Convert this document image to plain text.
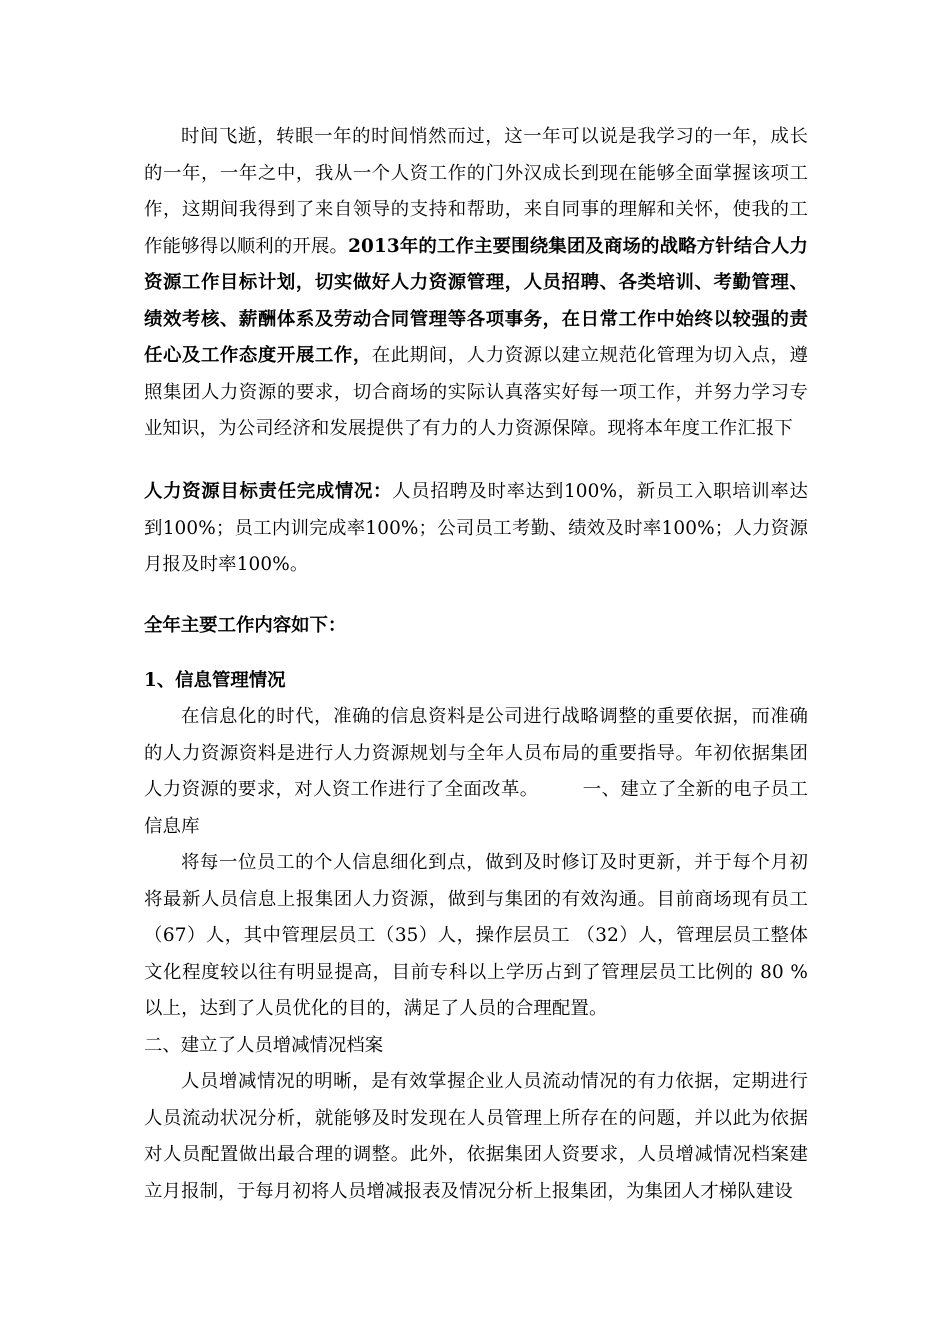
时间飞逝，转眼一年的时间悄然而过，这一年可以说是我学习的一年，成长的一年，一年之中，我从一个人资工作的门外汉成长到现在能够全面掌握该项工作，这期间我得到了来自领导的支持和帮助，来自同事的理解和关怀，使我的工作能够得以顺利的开展。2013年的工作主要围绕集团及商场的战略方针结合人力资源工作目标计划，切实做好人力资源管理，人员招聘、各类培训、考勤管理、绩效考核、薪酬体系及劳动合同管理等各项事务，在日常工作中始终以较强的责任心及工作态度开展工作，在此期间，人力资源以建立规范化管理为切入点，遵照集团人力资源的要求，切合商场的实际认真落实好每一项工作，并努力学习专业知识，为公司经济和发展提供了有力的人力资源保障。现将本年度工作汇报下

人力资源目标责任完成情况：人员招聘及时率达到100%，新员工入职培训率达到100%；员工内训完成率100%；公司员工考勤、绩效及时率100%；人力资源月报及时率100%。

全年主要工作内容如下：

1、信息管理情况

在信息化的时代，准确的信息资料是公司进行战略调整的重要依据，而准确的人力资源资料是进行人力资源规划与全年人员布局的重要指导。年初依据集团人力资源的要求，对人资工作进行了全面改革。 一、建立了全新的电子员工信息库

将每一位员工的个人信息细化到点，做到及时修订及时更新，并于每个月初将最新人员信息上报集团人力资源，做到与集团的有效沟通。目前商场现有员工（67）人，其中管理层员工（35）人，操作层员工 （32）人，管理层员工整体文化程度较以往有明显提高，目前专科以上学历占到了管理层员工比例的 80 %以上，达到了人员优化的目的，满足了人员的合理配置。

二、建立了人员增减情况档案

人员增减情况的明晰，是有效掌握企业人员流动情况的有力依据，定期进行人员流动状况分析，就能够及时发现在人员管理上所存在的问题，并以此为依据对人员配置做出最合理的调整。此外，依据集团人资要求，人员增减情况档案建立月报制，于每月初将人员增减报表及情况分析上报集团，为集团人才梯队建设
